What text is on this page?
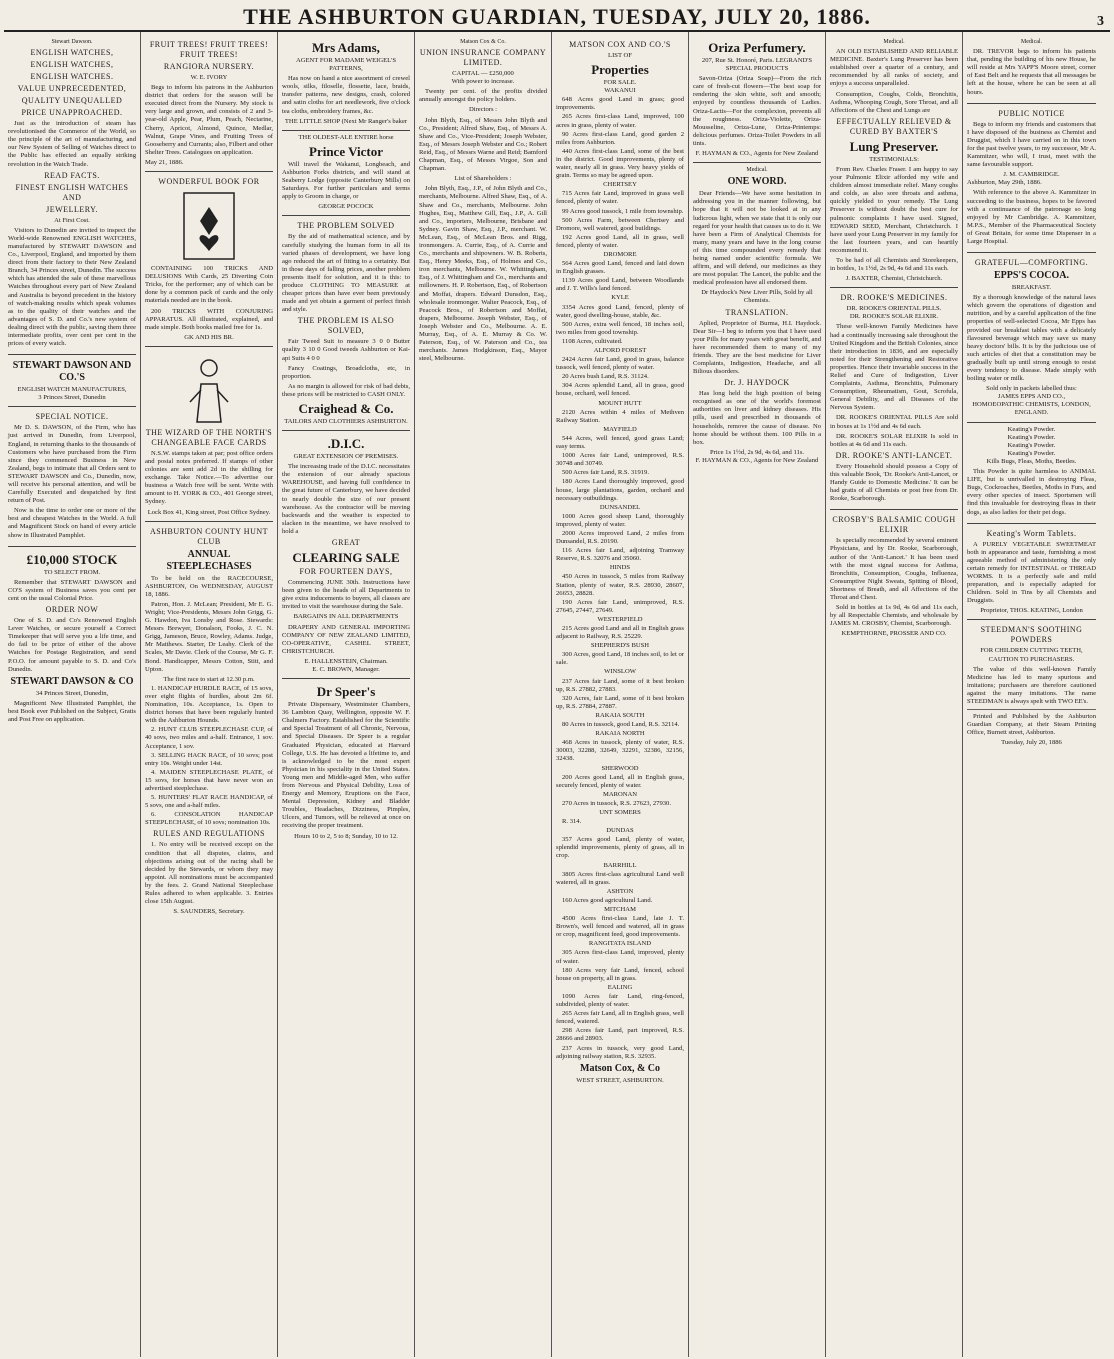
THE ASHBURTON GUARDIAN, TUESDAY, JULY 20, 1886.	3
Stewart Dawson.
ENGLISH WATCHES,
ENGLISH WATCHES,
ENGLISH WATCHES.
VALUE UNPRECEDENTED,
QUALITY UNEQUALLED
PRICE UNAPPROACHED.

Just as the introduction of steam has revolutionised the Commerce of the World, so the principle of the art of manufacturing, and our New System of Selling of Watches direct to the Public has effected an equally striking revolution in the Watch Trade.

READ FACTS.
FINEST ENGLISH WATCHES AND
JEWELLERY.
At First Cost.

Visitors to Dunedin are invited to inspect the World-wide Renowned ENGLISH WATCHES, manufactured by STEWART DAWSON and Co., Liverpool, England, and imported by them direct from their factory to their New Zealand Branch, 34 Princes street, Dunedin. The success which has attended the sale of these marvellous Watches throughout every part of New Zealand and Australia is beyond precedent in the history of watch-making results which speak volumes as to the quality of their watches and the advantages of S. D. and Co.'s new system of dealing direct with the public, saving them three intermediate profits, over cent per cent in the prices of every watch.

STEWART DAWSON AND CO.'S
ENGLISH WATCH MANUFACTURES,
3 Princes Street, Dunedin
SPECIAL NOTICE.

Mr D. S. DAWSON, of the Firm, who has just arrived in Dunedin, from Liverpool, England, in returning thanks to the thousands of Customers who have purchased from the Firm since they commenced Business in New Zealand, begs to intimate that all Orders sent to STEWART DAWSON and Co., Dunedin, now, will receive his personal attention, and will be Carefully Executed and despatched by first return of Post.

Now is the time to order one or more of the best and cheapest Watches in the World. A full and Magnificent Stock on hand of every article show in Illustrated Pamphlet.

£10,000 STOCK
TO SELECT FROM.

Remember that STEWART DAWSON and CO'S system of Business saves you cent per cent on the usual Colonial Price.

ORDER NOW

One of S. D. and Co's Renowned English Lever Watches, or secure yourself a Correct Timekeeper that will serve you a life time, and do fail to be prize of either of the above Watches for Postage Registration, and send P.O.O. for amount payable to S. D. and Co's Dunedin.

STEWART DAWSON & CO
34 Princes Street, Dunedin,

Magnificent New Illustrated Pamphlet, the best Book ever Published on the Subject, Gratis and Post Free on application.

FRUIT TREES! FRUIT TREES! FRUIT TREES!
RANGIORA NURSERY.
W. E. IVORY

Begs to inform his patrons in the Ashburton district that orders for the season will be executed direct from the Nursery. My stock is very large and grown, and consists of 2 and 3-year-old Apple, Pear, Plum, Peach, Nectarine, Cherry, Apricot, Almond, Quince, Medlar, Walnut, Grape Vines, and Fruiting Trees of Gooseberry and Currants; also, Filbert and other Shelter Trees. Catalogues on application.

May 21, 1886.
WONDERFUL BOOK FOR

CONTAINING 100 TRICKS AND DELUSIONS With Cards, 25 Diverting Coin Tricks, for the performer; any of which can be done by a common pack of cards and the only materials needed are in the book.

200 TRICKS WITH CONJURING APPARATUS. All illustrated, explained, and made simple. Both books mailed free for 1s.

GK AND HIS BR.
THE WIZARD OF THE NORTH'S CHANGEABLE FACE CARDS

N.S.W. stamps taken at par; post office orders and postal notes preferred. If stamps of other colonies are sent add 2d in the shilling for exchange. Take Notice.—To advertise our business a Watch free will be sent. Write with amount to H. YORK & CO., 401 George street, Sydney.

Lock Box 41, King street, Post Office Sydney.
ASHBURTON COUNTY HUNT CLUB
ANNUAL STEEPLECHASES

To be held on the RACECOURSE, ASHBURTON, On WEDNESDAY, AUGUST 18, 1886.

Patron, Hon. J. McLean; President, Mr E. G. Wright; Vice-Presidents, Messrs John Grigg, G. G. Hawdon, Iva Lonsby and Rose. Stewards: Messrs Brewyer, Donalson, Fooks, J. C. N. Grigg, Jameson, Bruce, Rowley, Adams. Judge, Mr Matthews. Starter, Dr Leahy. Clerk of the Scales, Mr Davie. Clerk of the Course, Mr G. F. Bond. Handicapper, Messrs Cotton, Stitt, and Upton.

The first race to start at 12.30 p.m.

1. HANDICAP HURDLE RACE, of 15 sovs, over eight flights of hurdles, about 2m 6f. Nomination, 10s. Acceptance, 1s. Open to district horses that have been regularly hunted with the Ashburton Hounds.

2. HUNT CLUB STEEPLECHASE CUP, of 40 sovs, two miles and a-half. Entrance, 1 sov. Acceptance, 1 sov.

3. SELLING HACK RACE, of 10 sovs; post entry 10s. Weight under 14st.

4. MAIDEN STEEPLECHASE PLATE, of 15 sovs, for horses that have never won an advertised steeplechase.

5. HUNTERS' FLAT RACE HANDICAP, of 5 sovs, one and a-half miles.

6. CONSOLATION HANDICAP STEEPLECHASE, of 10 sovs; nomination 10s.

RULES AND REGULATIONS

1. No entry will be received except on the condition that all disputes, claims, and objections arising out of the racing shall be decided by the Stewards, or whom they may appoint. All nominations must be accompanied by the fees. 2. Grand National Steeplechase Rules adhered to when applicable. 3. Entries close 15th August.

S. SAUNDERS, Secretary.
Mrs Adams,
AGENT FOR MADAME WEIGEL'S PATTERNS,

Has now on hand a nice assortment of crewel wools, silks, filoselle, flossette, lace, braids, transfer patterns, new designs, crash, colored and satin cloths for art needlework, five o'clock tea cloths, embroidery frames, &c.

THE LITTLE SHOP (Next Mr Ranger's baker
THE OLDEST-ALE ENTIRE horse
Prince Victor

Will travel the Wakanui, Longbeach, and Ashburton Forks districts, and will stand at Seaberry Lodge (opposite Canterbury Mills) on Saturdays. For further particulars and terms apply to Groom in charge, or

GEORGE POCOCK
THE PROBLEM SOLVED

By the aid of mathematical science, and by carefully studying the human form in all its varied phases of development, we have long ago reduced the art of fitting to a certainty. But in those days of falling prices, another problem presents itself for solution, and it is this: to produce CLOTHING TO MEASURE at cheaper prices than have ever been previously made and yet obtain a garment of perfect finish and style.

THE PROBLEM IS ALSO SOLVED,

Fair Tweed Suit to measure 3 0 0 Butter quality 3 10 0 Good tweeds Ashburton or Kai-api Suits 4 0 0

Fancy Coatings, Broadcloths, etc, in proportion.

As no margin is allowed for risk of bad debts, these prices will be restricted to CASH ONLY.

Craighead & Co.
TAILORS AND CLOTHIERS ASHBURTON.
.D.I.C.
GREAT EXTENSION OF PREMISES.

The increasing trade of the D.I.C. necessitates the extension of our already spacious WAREHOUSE, and having full confidence in the great future of Canterbury, we have decided to nearly double the size of our present warehouse. As the contractor will be moving backwards and the weather is expected to slacken in the meantime, we have resolved to hold a

GREAT
CLEARING SALE
FOR FOURTEEN DAYS,

Commencing JUNE 30th. Instructions have been given to the heads of all Departments to give extra inducements to buyers, all classes are invited to visit the warehouse during the Sale.

BARGAINS IN ALL DEPARTMENTS

DRAPERY AND GENERAL IMPORTING COMPANY OF NEW ZEALAND LIMITED, CO-OPERATIVE, CASHEL STREET, CHRISTCHURCH.

E. HALLENSTEIN, Chairman.
E. C. BROWN, Manager.
Dr Speer's

Private Dispensary, Westminster Chambers, 36 Lambton Quay, Wellington, opposite W. F. Chalmers Factory. Established for the Scientific and Special Treatment of all Chronic, Nervous, and Special Diseases. Dr Speer is a regular Graduated Physician, educated at Harvard College, U.S. He has devoted a lifetime to, and is acknowledged to be the most expert Physician in his speciality in the United States. Young men and Middle-aged Men, who suffer from Nervous and Physical Debility, Loss of Energy and Memory, Eruptions on the Face, Mental Depression, Kidney and Bladder Troubles, Headaches, Dizziness, Pimples, Ulcers, and Tumors, will be relieved at once on receiving the proper treatment.

Hours 10 to 2, 5 to 8; Sunday, 10 to 12.
Matson Cox & Co.
UNION INSURANCE COMPANY LIMITED.
CAPITAL — £250,000
With power to increase.

Twenty per cent. of the profits divided annually amongst the policy holders.

Directors :

John Blyth, Esq., of Messrs John Blyth and Co., President; Alfred Shaw, Esq., of Messrs A. Shaw and Co., Vice-President; Joseph Webster, Esq., of Messrs Joseph Webster and Co.; Robert Reid, Esq., of Messrs Warne and Reid; Bamford Chapman, Esq., of Messrs Virgoe, Son and Chapman.

List of Shareholders :

John Blyth, Esq., J.P., of John Blyth and Co., merchants, Melbourne. Alfred Shaw, Esq., of A. Shaw and Co., merchants, Melbourne. John Hughes, Esq., Matthew Gill, Esq., J.P., A. Gill and Co., importers, Melbourne, Brisbane and Sydney. Gavin Shaw, Esq., J.P., merchant. W. McLean, Esq., of McLean Bros. and Rigg, ironmongers. A. Currie, Esq., of A. Currie and Co., merchants and shipowners. W. B. Roberts, Esq., Henry Meeks, Esq., of Holmes and Co., iron merchants, Melbourne. W. Whittingham, Esq., of J. Whittingham and Co., merchants and millowners. H. P. Robertson, Esq., of Robertson and Moffat, drapers. Edward Dunsdon, Esq., wholesale ironmonger. Walter Peacock, Esq., of Peacock Bros., of Robertson and Moffat, drapers, Melbourne. Joseph Webster, Esq., of Joseph Webster and Co., Melbourne. A. E. Murray, Esq., of A. E. Murray & Co. W. Paterson, Esq., of W. Paterson and Co., tea merchants. James Hodgkinson, Esq., Mayor steel, Melbourne.

MATSON COX AND CO.'S
LIST OF
Properties
FOR SALE.
WAKANUI

648 Acres good Land in grass; good improvements.

265 Acres first-class Land, improved, 100 acres in grass, plenty of water.

90 Acres first-class Land, good garden 2 miles from Ashburton.

440 Acres first-class Land, some of the best in the district. Good improvements, plenty of water, nearly all in grass. Very heavy yields of grain. Terms so may be agreed upon.

CHERTSEY

715 Acres fair Land, improved in grass well fenced, plenty of water.

99 Acres good tussock, 1 mile from township.

500 Acres Farm, between Chertsey and Dromore, well watered, good buildings.

192 Acres good Land, all in grass, well fenced, plenty of water.

DROMORE

564 Acres good Land, fenced and laid down in English grasses.

1139 Acres good Land, between Woodlands and J. T. Wills's land fenced.

KYLE

3354 Acres good Land, fenced, plenty of water, good dwelling-house, stable, &c.

500 Acres, extra well fenced, 18 inches soil, two miles from good township.

1108 Acres, cultivated.

ALFORD FOREST

2424 Acres fair Land, good in grass, balance tussock, well fenced, plenty of water.

20 Acres bush Land, R.S. 31124.

304 Acres splendid Land, all in grass, good house, orchard, well fenced.

MOUNT HUTT

2120 Acres within 4 miles of Methven Railway Station.

MAYFIELD

544 Acres, well fenced, good grass Land; easy terms.

1000 Acres fair Land, unimproved, R.S. 30748 and 30749.

500 Acres fair Land, R.S. 31919.

180 Acres Land thoroughly improved, good house, large plantations, garden, orchard and necessary outbuildings.

DUNSANDEL

1000 Acres good sheep Land, thoroughly improved, plenty of water.

2000 Acres improved Land, 2 miles from Dunsandel, R.S. 20190.

116 Acres fair Land, adjoining Tramway Reserve, R.S. 32076 and 35060.

HINDS

450 Acres in tussock, 5 miles from Railway Station, plenty of water, R.S. 28930, 28607, 26653, 28828.

190 Acres fair Land, unimproved, R.S. 27645, 27447, 27649.

WESTERFIELD

215 Acres good Land and all in English grass adjacent to Railway, R.S. 25229.

SHEPHERD'S BUSH

300 Acres, good Land, 18 inches soil, to let or sale.

WINSLOW

237 Acres fair Land, some of it best broken up, R.S. 27882, 27883.

320 Acres, fair Land, some of it best broken up, R.S. 27884, 27887.

RAKAIA SOUTH

80 Acres in tussock, good Land, R.S. 32114.

RAKAIA NORTH

468 Acres in tussock, plenty of water, R.S. 30003, 32288, 32649, 32291, 32386, 32156, 32438.

SHERWOOD

200 Acres good Land, all in English grass, securely fenced, plenty of water.

MARONAN

270 Acres in tussock, R.S. 27623, 27930.

UNT SOMERS

R. 314.

DUNDAS

357 Acres good Land, plenty of water, splendid improvements, plenty of grass, all in crop.

BARRHILL

3805 Acres first-class agricultural Land well watered, all in grass.

ASHTON

160 Acres good agricultural Land.

MITCHAM

4500 Acres first-class Land, late J. T. Brown's, well fenced and watered, all in grass or crop, magnificent feed, good improvements.

RANGITATA ISLAND

305 Acres first-class Land, improved, plenty of water.

180 Acres very fair Land, fenced, school house on property, all in grass.

EALING

1090 Acres fair Land, ring-fenced, subdivided, plenty of water.

265 Acres fair Land, all in English grass, well fenced, watered.

298 Acres fair Land, part improved, R.S. 28666 and 28903.

237 Acres in tussock, very good Land, adjoining railway station, R.S. 32935.

Matson Cox, & Co
WEST STREET, ASHBURTON.
Oriza Perfumery.
207, Rue St. Honoré, Paris. LEGRAND'S SPECIAL PRODUCTS

Savon-Oriza (Oriza Soap)—From the rich care of fresh-cut flowers—The best soap for rendering the skin white, soft and smooth; enjoyed by countless thousands of Ladies. Oriza-Lactis—For the complexion, prevents all the roughness. Oriza-Violette, Oriza-Mousseline, Oriza-Lune, Oriza-Printemps: delicious perfumes. Oriza-Toilet Powders in all tints.

F. HAYMAN & CO., Agents for New Zealand
Medical.
ONE WORD.

Dear Friends—We have some hesitation in addressing you in the manner following, but hope that it will not be looked at in any ludicrous light, when we state that it is only our regard for your health that causes us to do it. We have been a Firm of Analytical Chemists for many, many years and have in the long course of this time compounded every remedy that being named under scientific formula. We affirm, and will defend, our medicines as they are most popular. The Lancet, the public and the medical profession have all endorsed them.

Dr Haydock's New Liver Pills, Sold by all Chemists.
TRANSLATION.

Aplied, Proprietor of Burma, H.I. Haydock. Dear Sir—I beg to inform you that I have used your Pills for many years with great benefit, and have recommended them to many of my friends. They are the best medicine for Liver Complaints, Indigestion, Headache, and all Bilious disorders.

Dr. J. HAYDOCK

Has long held the high position of being recognised as one of the world's foremost authorities on liver and kidney diseases. His pills, used and prescribed in thousands of households, remove the cause of disease. No home should be without them. 100 Pills in a box.

Price 1s 1½d, 2s 9d, 4s 6d, and 11s.
F. HAYMAN & CO., Agents for New Zealand
Medical.

AN OLD ESTABLISHED AND RELIABLE MEDICINE. Baxter's Lung Preserver has been established over a quarter of a century, and recommended by all ranks of society, and enjoys a success unparalleled.

Consumption, Coughs, Colds, Bronchitis, Asthma, Whooping Cough, Sore Throat, and all Affections of the Chest and Lungs are

EFFECTUALLY RELIEVED & CURED BY BAXTER'S
Lung Preserver.
TESTIMONIALS:

From Rev. Charles Fraser. I am happy to say your Pulmonic Elixir afforded my wife and children almost immediate relief. Many coughs and colds, as also sore throats and asthma, quickly yielded to your remedy. The Lung Preserver is without doubt the best cure for pulmonic complaints I have used. Signed, EDWARD SEED, Merchant, Christchurch. I have used your Lung Preserver in my family for the last fourteen years, and can heartily recommend it.

To be had of all Chemists and Storekeepers, in bottles, 1s 1½d, 2s 9d, 4s 6d and 11s each.

J. BAXTER, Chemist, Christchurch.
DR. ROOKE'S MEDICINES.
DR. ROOKE'S ORIENTAL PILLS.
DR. ROOKE'S SOLAR ELIXIR.

These well-known Family Medicines have had a continually increasing sale throughout the United Kingdom and the British Colonies, since their introduction in 1836, and are especially noted for their Strengthening and Restorative properties. Hence their invariable success in the Relief and Cure of Indigestion, Liver Complaints, Asthma, Bronchitis, Pulmonary Consumption, Rheumatism, Gout, Scrofula, General Debility, and all Diseases of the Nervous System.

DR. ROOKE'S ORIENTAL PILLS Are sold in boxes at 1s 1½d and 4s 6d each.

DR. ROOKE'S SOLAR ELIXIR Is sold in bottles at 4s 6d and 11s each.

DR. ROOKE'S ANTI-LANCET.

Every Household should possess a Copy of this valuable Book, 'Dr. Rooke's Anti-Lancet, or Handy Guide to Domestic Medicine.' It can be had gratis of all Chemists or post free from Dr. Rooke, Scarborough.

CROSBY'S BALSAMIC COUGH ELIXIR

Is specially recommended by several eminent Physicians, and by Dr. Rooke, Scarborough, author of the 'Anti-Lancet.' It has been used with the most signal success for Asthma, Bronchitis, Consumption, Coughs, Influenza, Consumptive Night Sweats, Spitting of Blood, Shortness of Breath, and all Affections of the Throat and Chest.

Sold in bottles at 1s 9d, 4s 6d and 11s each, by all Respectable Chemists, and wholesale by JAMES M. CROSBY, Chemist, Scarborough.

KEMPTHORNE, PROSSER AND CO.
Medical.

DR. TREVOR begs to inform his patients that, pending the building of his new House, he will reside at Mrs YAPP'S Moore street, corner of East Belt and he requests that all messages be left at the house, where he can be seen at all hours.

PUBLIC NOTICE

Begs to inform my friends and customers that I have disposed of the business as Chemist and Druggist, which I have carried on in this town for the past twelve years, to my successor, Mr A. Kammitzer, who will, I trust, meet with the same favourable support.

J. M. CAMBRIDGE.
Ashburton, May 29th, 1886.

With reference to the above A. Kammitzer in succeeding to the business, hopes to be favored with a continuance of the patronage so long enjoyed by Mr Cambridge. A. Kammitzer, M.P.S., Member of the Pharmaceutical Society of Great Britain, for some time Dispenser in a Large Hospital.

GRATEFUL—COMFORTING.
EPPS'S COCOA.
BREAKFAST.

By a thorough knowledge of the natural laws which govern the operations of digestion and nutrition, and by a careful application of the fine properties of well-selected Cocoa, Mr Epps has provided our breakfast tables with a delicately flavoured beverage which may save us many heavy doctors' bills. It is by the judicious use of such articles of diet that a constitution may be gradually built up until strong enough to resist every tendency to disease. Made simply with boiling water or milk.

Sold only in packets labelled thus:
JAMES EPPS AND CO.,
HOMOEOPATHIC CHEMISTS, LONDON, ENGLAND.
Keating's Powder.
Keating's Powder.
Keating's Powder.
Keating's Powder.
Kills Bugs, Fleas, Moths, Beetles.

This Powder is quite harmless to ANIMAL LIFE, but is unrivalled in destroying Fleas, Bugs, Cockroaches, Beetles, Moths in Furs, and every other species of insect. Sportsmen will find this invaluable for destroying fleas in their dogs, as also ladies for their pet dogs.

Keating's Worm Tablets.

A PURELY VEGETABLE SWEETMEAT both in appearance and taste, furnishing a most agreeable method of administering the only certain remedy for INTESTINAL or THREAD WORMS. It is a perfectly safe and mild preparation, and is especially adapted for Children. Sold in Tins by all Chemists and Druggists.

Proprietor, THOS. KEATING, London
STEEDMAN'S SOOTHING POWDERS
FOR CHILDREN CUTTING TEETH,
CAUTION TO PURCHASERS.

The value of this well-known Family Medicine has led to many spurious and imitations; purchasers are therefore cautioned against the many imitations. The name STEEDMAN is always spelt with TWO EE's.

Printed and Published by the Ashburton Guardian Company, at their Steam Printing Office, Burnett street, Ashburton.

Tuesday, July 20, 1886
